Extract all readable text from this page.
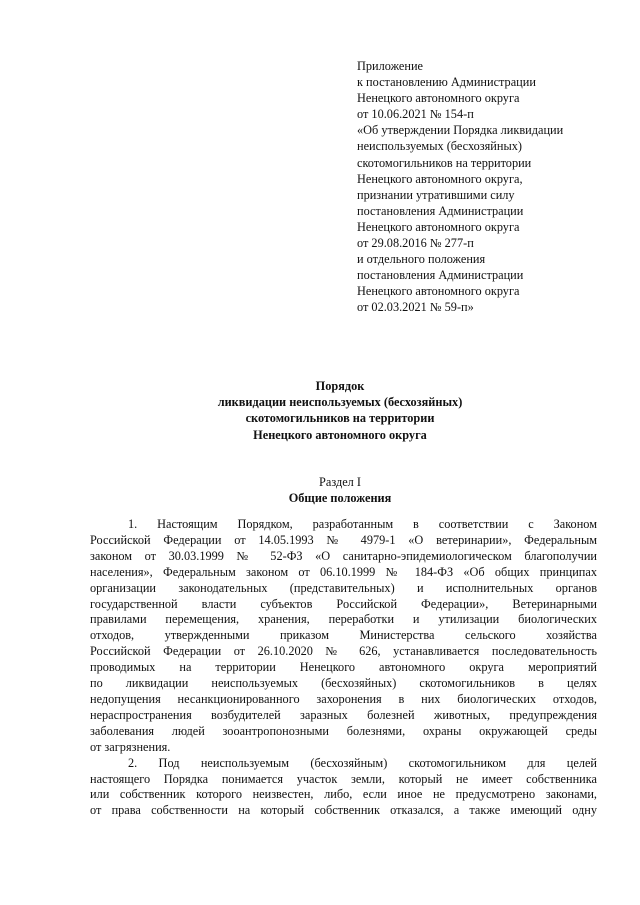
Приложение
к постановлению Администрации
Ненецкого автономного округа
от 10.06.2021 № 154-п
«Об утверждении Порядка ликвидации
неиспользуемых (бесхозяйных)
скотомогильников на территории
Ненецкого автономного округа,
признании утратившими силу
постановления Администрации
Ненецкого автономного округа
от 29.08.2016 № 277-п
и отдельного положения
постановления Администрации
Ненецкого автономного округа
от 02.03.2021 № 59-п»
Порядок
ликвидации неиспользуемых (бесхозяйных)
скотомогильников на территории
Ненецкого автономного округа
Раздел I
Общие положения

1. Настоящим Порядком, разработанным в соответствии с Законом
Российской Федерации от 14.05.1993 № 4979-1 «О ветеринарии», Федеральным
законом от 30.03.1999 № 52-ФЗ «О санитарно-эпидемиологическом благополучии
населения», Федеральным законом от 06.10.1999 № 184-ФЗ «Об общих принципах
организации законодательных (представительных) и исполнительных органов
государственной власти субъектов Российской Федерации», Ветеринарными
правилами перемещения, хранения, переработки и утилизации биологических
отходов, утвержденными приказом Министерства сельского хозяйства
Российской Федерации от 26.10.2020 № 626, устанавливается последовательность
проводимых на территории Ненецкого автономного округа мероприятий
по ликвидации неиспользуемых (бесхозяйных) скотомогильников в целях
недопущения несанкционированного захоронения в них биологических отходов,
нераспространения возбудителей заразных болезней животных, предупреждения
заболевания людей зооантропонозными болезнями, охраны окружающей среды
от загрязнения.

2. Под неиспользуемым (бесхозяйным) скотомогильником для целей
настоящего Порядка понимается участок земли, который не имеет собственника
или собственник которого неизвестен, либо, если иное не предусмотрено законами,
от права собственности на который собственник отказался, а также имеющий одну
